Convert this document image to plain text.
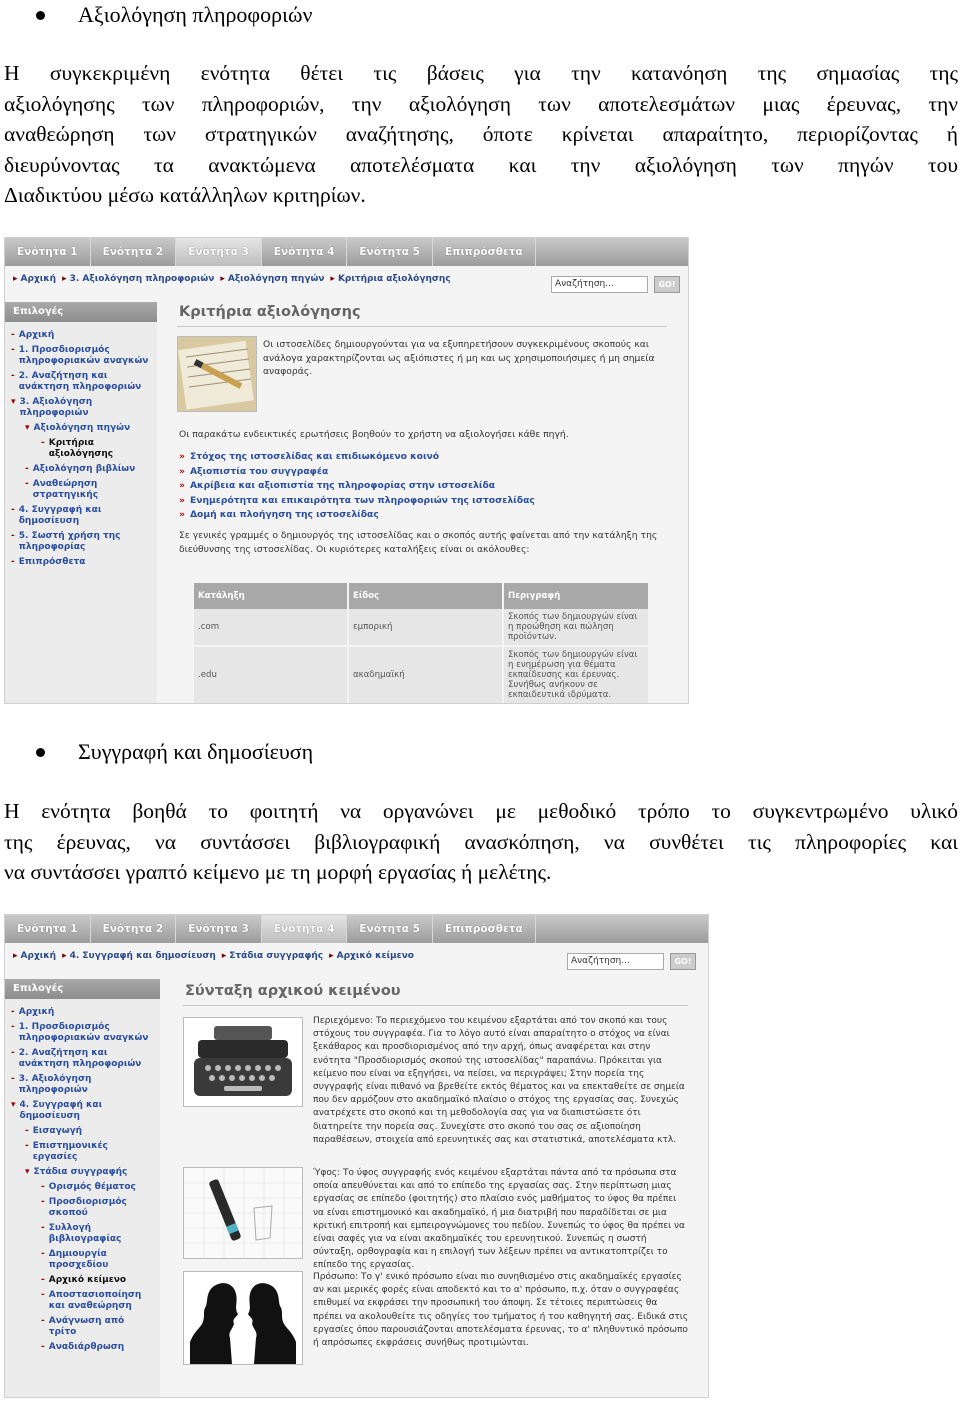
Αξιολόγηση πληροφοριών
Η συγκεκριμένη ενότητα θέτει τις βάσεις για την κατανόηση της σημασίας της
αξιολόγησης των πληροφοριών, την αξιολόγηση των αποτελεσμάτων μιας έρευνας, την
αναθεώρηση των στρατηγικών αναζήτησης, όποτε κρίνεται απαραίτητο, περιορίζοντας ή
διευρύνοντας τα ανακτώμενα αποτελέσματα και την αξιολόγηση των πηγών του
Διαδικτύου μέσω κατάλληλων κριτηρίων.
Ενότητα 1	Ενότητα 2	Ενότητα 3	Ενότητα 4	Ενότητα 5	Επιπρόσθετα
▸ Αρχική ▸ 3. Αξιολόγηση πληροφοριών ▸ Αξιολόγηση πηγών ▸ Κριτήρια αξιολόγησης	Αναζήτηση...	GO!
Επιλογές
- Αρχική
- 1. Προσδιορισμός πληροφοριακών αναγκών
- 2. Αναζήτηση και ανάκτηση πληροφοριών
▾ 3. Αξιολόγηση πληροφοριών
▾ Αξιολόγηση πηγών
- Κριτήρια αξιολόγησης
- Αξιολόγηση βιβλίων
- Αναθεώρηση στρατηγικής
- 4. Συγγραφή και δημοσίευση
- 5. Σωστή χρήση της πληροφορίας
- Επιπρόσθετα
Κριτήρια αξιολόγησης
Οι ιστοσελίδες δημιουργούνται για να εξυπηρετήσουν συγκεκριμένους σκοπούς και ανάλογα χαρακτηρίζονται ως αξιόπιστες ή μη και ως χρησιμοποιήσιμες ή μη σημεία αναφοράς.
Οι παρακάτω ενδεικτικές ερωτήσεις βοηθούν το χρήστη να αξιολογήσει κάθε πηγή.
» Στόχος της ιστοσελίδας και επιδιωκόμενο κοινό
» Αξιοπιστία του συγγραφέα
» Ακρίβεια και αξιοπιστία της πληροφορίας στην ιστοσελίδα
» Ενημερότητα και επικαιρότητα των πληροφοριών της ιστοσελίδας
» Δομή και πλοήγηση της ιστοσελίδας
Σε γενικές γραμμές ο δημιουργός της ιστοσελίδας και ο σκοπός αυτής φαίνεται από την κατάληξη της διεύθυνσης της ιστοσελίδας. Οι κυριότερες καταλήξεις είναι οι ακόλουθες:
Κατάληξη	Είδος	Περιγραφή
.com	εμπορική	Σκοπός των δημιουργών είναι η προώθηση και πώληση προϊόντων.
.edu	ακαδημαϊκή	Σκοπός των δημιουργών είναι η ενημέρωση για θέματα εκπαίδευσης και έρευνας. Συνήθως ανήκουν σε εκπαιδευτικά ιδρύματα.
Συγγραφή και δημοσίευση
Η ενότητα βοηθά το φοιτητή να οργανώνει με μεθοδικό τρόπο το συγκεντρωμένο υλικό
της έρευνας, να συντάσσει βιβλιογραφική ανασκόπηση, να συνθέτει τις πληροφορίες και
να συντάσσει γραπτό κείμενο με τη μορφή εργασίας ή μελέτης.
Ενότητα 1	Ενότητα 2	Ενότητα 3	Ενότητα 4	Ενότητα 5	Επιπρόσθετα
▸ Αρχική ▸ 4. Συγγραφή και δημοσίευση ▸ Στάδια συγγραφής ▸ Αρχικό κείμενο	Αναζήτηση...	GO!
Επιλογές
- Αρχική
- 1. Προσδιορισμός πληροφοριακών αναγκών
- 2. Αναζήτηση και ανάκτηση πληροφοριών
- 3. Αξιολόγηση πληροφοριών
▾ 4. Συγγραφή και δημοσίευση
- Εισαγωγή
- Επιστημονικές εργασίες
▾ Στάδια συγγραφής
- Ορισμός θέματος
- Προσδιορισμός σκοπού
- Συλλογή βιβλιογραφίας
- Δημιουργία προσχεδίου
- Αρχικό κείμενο
- Αποστασιοποίηση και αναθεώρηση
- Ανάγνωση από τρίτο
- Αναδιάρθρωση
Σύνταξη αρχικού κειμένου
Περιεχόμενο: Το περιεχόμενο του κειμένου εξαρτάται από τον σκοπό και τους στόχους του συγγραφέα. Για το λόγο αυτό είναι απαραίτητο ο στόχος να είναι ξεκάθαρος και προσδιορισμένος από την αρχή, όπως αναφέρεται και στην ενότητα "Προσδιορισμός σκοπού της ιστοσελίδας" παραπάνω. Πρόκειται για κείμενο που είναι να εξηγήσει, να πείσει, να περιγράψει; Στην πορεία της συγγραφής είναι πιθανό να βρεθείτε εκτός θέματος και να επεκταθείτε σε σημεία που δεν αρμόζουν στο ακαδημαϊκό πλαίσιο ο στόχος της εργασίας σας. Συνεχώς ανατρέχετε στο σκοπό και τη μεθοδολογία σας για να διαπιστώσετε ότι διατηρείτε την πορεία σας. Συνεχίστε στο σκοπό του σας σε αξιοποίηση παραθέσεων, στοιχεία από ερευνητικές σας και στατιστικά, αποτελέσματα κτλ.
Ύφος: Το ύφος συγγραφής ενός κειμένου εξαρτάται πάντα από τα πρόσωπα στα οποία απευθύνεται και από το επίπεδο της εργασίας σας. Στην περίπτωση μιας εργασίας σε επίπεδο (φοιτητής) στο πλαίσιο ενός μαθήματος το ύφος θα πρέπει να είναι επιστημονικό και ακαδημαϊκό, ή μια διατριβή που παραδίδεται σε μια κριτική επιτροπή και εμπειρογνώμονες του πεδίου. Συνεπώς το ύφος θα πρέπει να είναι σαφές για να είναι ακαδημαϊκές του ερευνητικού. Συνεπώς η σωστή σύνταξη, ορθογραφία και η επιλογή των λέξεων πρέπει να αντικατοπτρίζει το επίπεδο της εργασίας.
Πρόσωπο: Το γ' ενικό πρόσωπο είναι πιο συνηθισμένο στις ακαδημαϊκές εργασίες αν και μερικές φορές είναι αποδεκτό και το α' πρόσωπο, π.χ. όταν ο συγγραφέας επιθυμεί να εκφράσει την προσωπική του άποψη. Σε τέτοιες περιπτώσεις θα πρέπει να ακολουθείτε τις οδηγίες του τμήματος ή του καθηγητή σας. Ειδικά στις εργασίες όπου παρουσιάζονται αποτελέσματα έρευνας, το α' πληθυντικό πρόσωπο ή απρόσωπες εκφράσεις συνήθως προτιμώνται.
